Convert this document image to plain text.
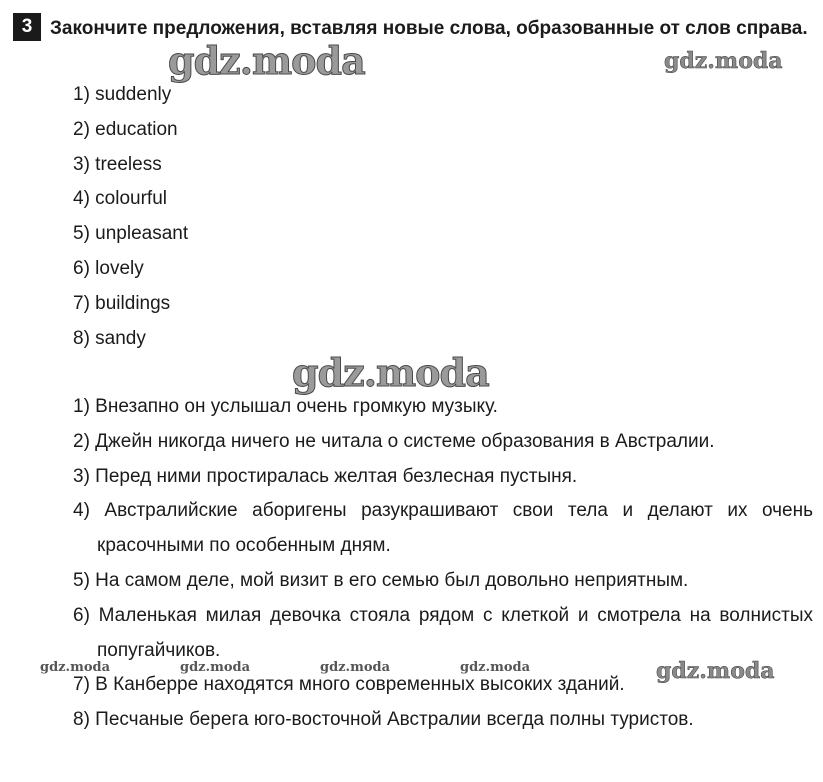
3 Закончите предложения, вставляя новые слова, образованные от слов справа.

1) suddenly
2) education
3) treeless
4) colourful
5) unpleasant
6) lovely
7) buildings
8) sandy
1) Внезапно он услышал очень громкую музыку.
2) Джейн никогда ничего не читала о системе образования в Австралии.
3) Перед ними простиралась желтая безлесная пустыня.
4) Австралийские аборигены разукрашивают свои тела и делают их очень красочными по особенным дням.
5) На самом деле, мой визит в его семью был довольно неприятным.
6) Маленькая милая девочка стояла рядом с клеткой и смотрела на волнистых попугайчиков.
7) В Канберре находятся много современных высоких зданий.
8) Песчаные берега юго-восточной Австралии всегда полны туристов.
gdz.moda	gdz.moda
gdz.moda
gdz.moda	gdz.moda	gdz.moda	gdz.moda	gdz.moda
